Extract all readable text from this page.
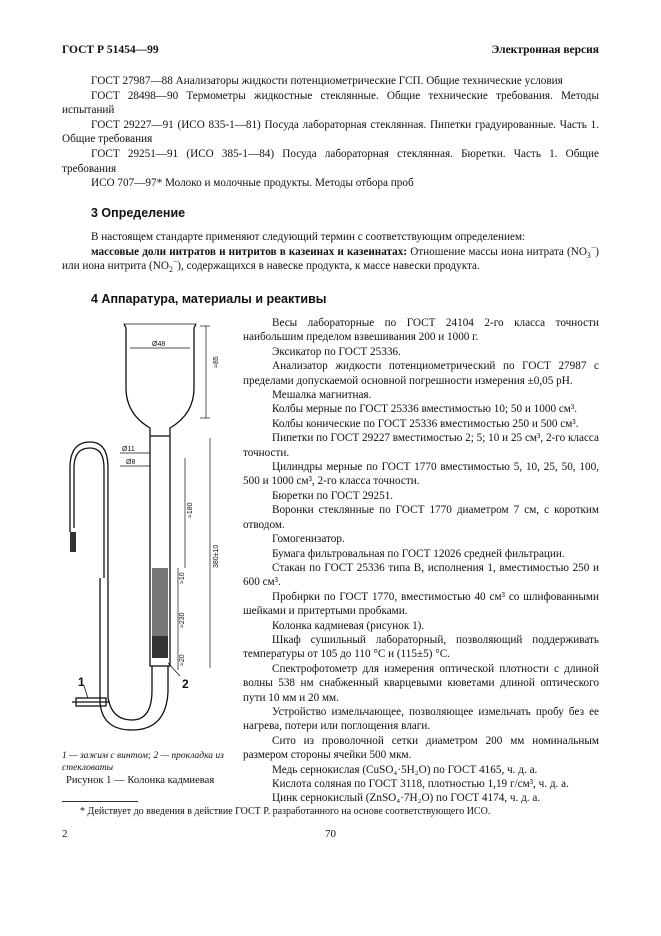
ГОСТ Р 51454—99	Электронная версия
ГОСТ 27987—88 Анализаторы жидкости потенциометрические ГСП. Общие технические условия
ГОСТ 28498—90 Термометры жидкостные стеклянные. Общие технические требования. Методы испытаний
ГОСТ 29227—91 (ИСО 835-1—81) Посуда лабораторная стеклянная. Пипетки градуированные. Часть 1. Общие требования
ГОСТ 29251—91 (ИСО 385-1—84) Посуда лабораторная стеклянная. Бюретки. Часть 1. Общие требования
ИСО 707—97* Молоко и молочные продукты. Методы отбора проб
3 Определение
В настоящем стандарте применяют следующий термин с соответствующим определением:
массовые доли нитратов и нитритов в казеинах и казеинатах: Отношение массы иона нитрата $(NO_3^-)$ или иона нитрита $(NO_2^-)$, содержащихся в навеске продукта, к массе навески продукта.
4 Аппаратура, материалы и реактивы

Весы лабораторные по ГОСТ 24104 2-го класса точности наибольшим пределом взвешивания 200 и 1000 г.

Эксикатор по ГОСТ 25336.

Анализатор жидкости потенциометрический по ГОСТ 27987 с пределами допускаемой основной погрешности измерения ±0,05 pH.

Мешалка магнитная.

Колбы мерные по ГОСТ 25336 вместимостью 10; 50 и 1000 см³.

Колбы конические по ГОСТ 25336 вместимостью 250 и 500 см³.

Пипетки по ГОСТ 29227 вместимостью 2; 5; 10 и 25 см³, 2-го класса точности.

Цилиндры мерные по ГОСТ 1770 вместимостью 5, 10, 25, 50, 100, 500 и 1000 см³, 2-го класса точности.

Бюретки по ГОСТ 29251.

Воронки стеклянные по ГОСТ 1770 диаметром 7 см, с коротким отводом.

Гомогенизатор.

Бумага фильтровальная по ГОСТ 12026 средней фильтрации.

Стакан по ГОСТ 25336 типа В, исполнения 1, вместимостью 250 и 600 см³.

Пробирки по ГОСТ 1770, вместимостью 40 см³ со шлифованными шейками и притертыми пробками.

Колонка кадмиевая (рисунок 1).

Шкаф сушильный лабораторный, позволяющий поддерживать температуры от 105 до 110 °С и (115±5) °С.

Спектрофотометр для измерения оптической плотности с длиной волны 538 нм снабженный кварцевыми кюветами длиной оптического пути 10 мм и 20 мм.

Устройство измельчающее, позволяющее измельчать пробу без ее нагрева, потери или поглощения влаги.

Сито из проволочной сетки диаметром 200 мм номинальным размером стороны ячейки 500 мкм.

Медь сернокислая (CuSO₄·5H₂O) по ГОСТ 4165, ч. д. а.

Кислота соляная по ГОСТ 3118, плотностью 1,19 г/см³, ч. д. а.

Цинк сернокислый (ZnSO₄·7H₂O) по ГОСТ 4174, ч. д. а.

Ø48
≈85
Ø11
Ø8
≈180
380±10
≈10
≈230
≈20
1	2
1 — зажим с винтом; 2 — прокладка из стекловаты
Рисунок 1 — Колонка кадмиевая
* Действует до введения в действие ГОСТ Р. разработанного на основе соответствующего ИСО.
2	70
